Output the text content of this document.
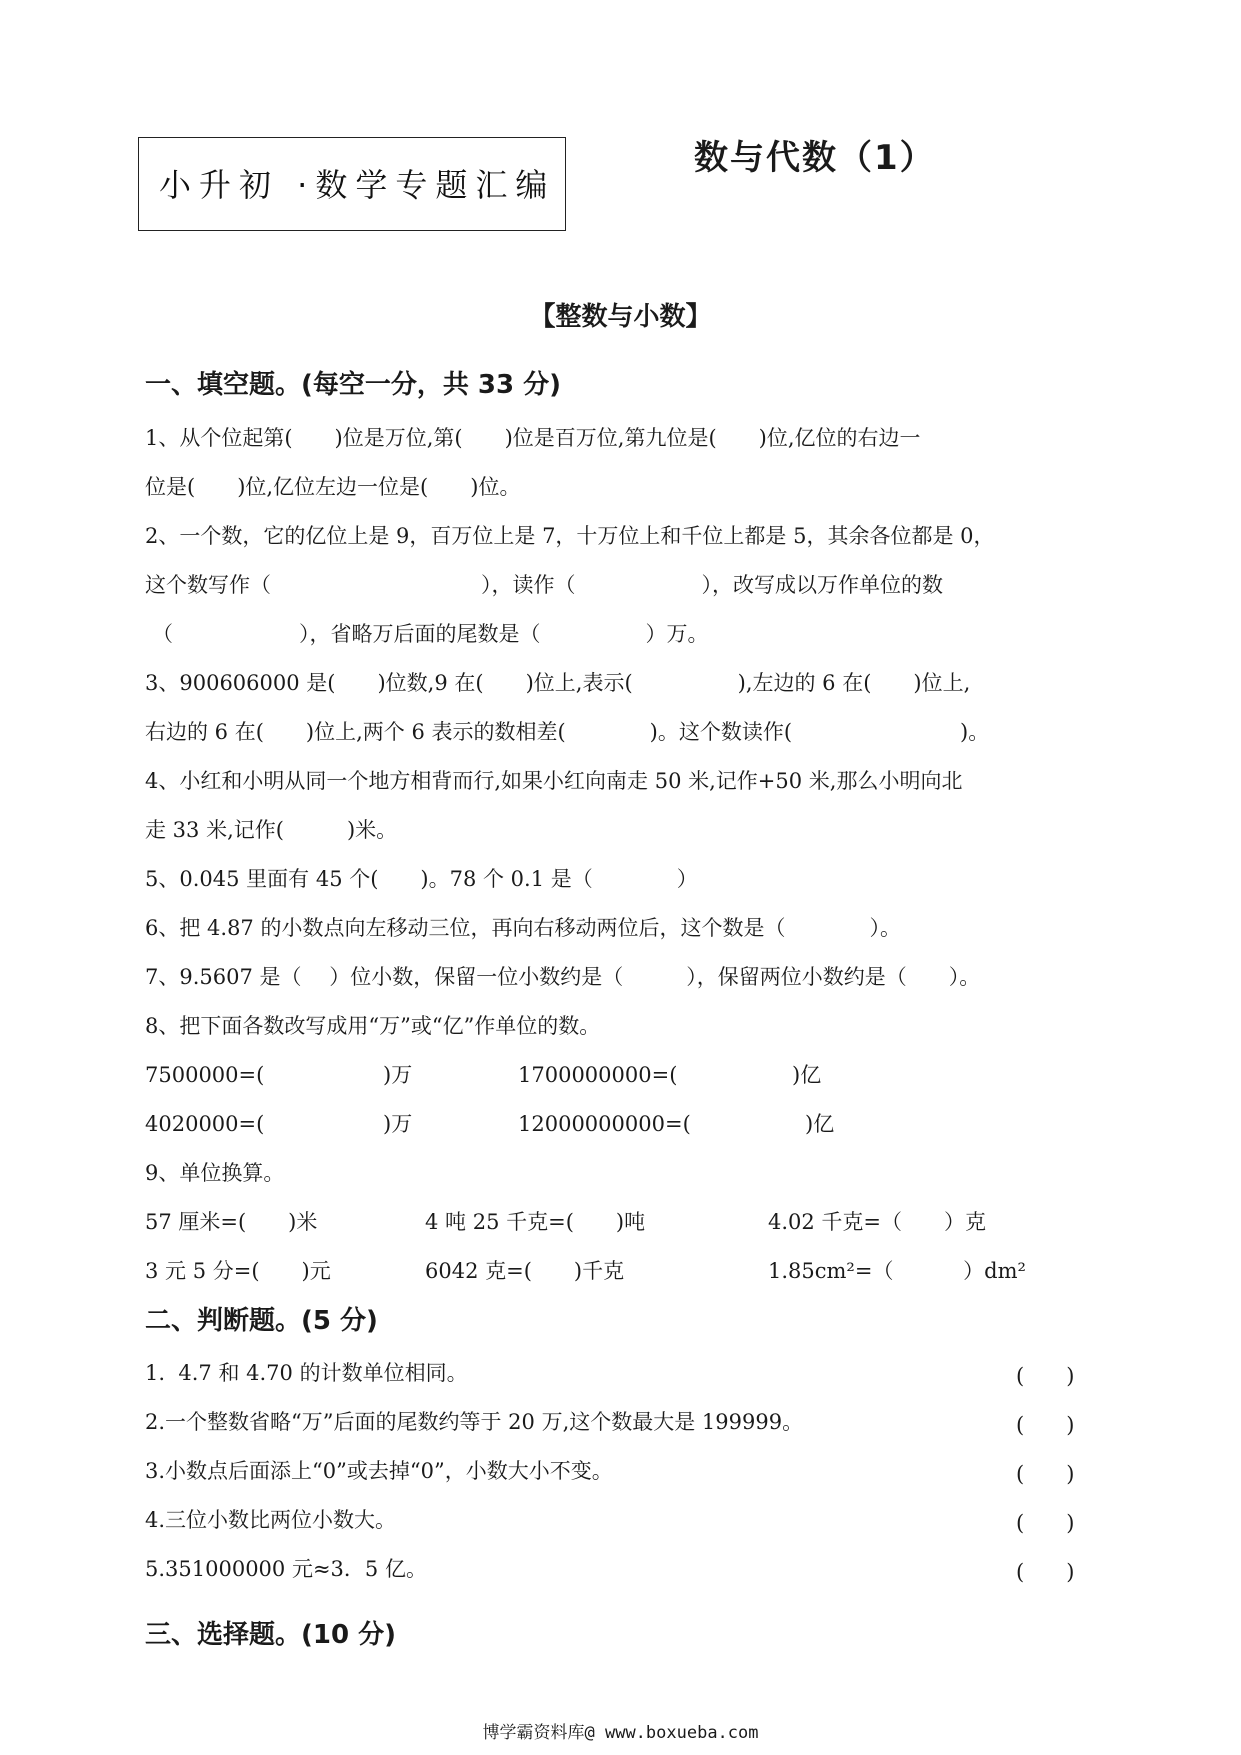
小升初 ·数学专题汇编
数与代数（1）
【整数与小数】
一、填空题。(每空一分，共 33 分)
1、从个位起第(　　)位是万位,第(　　)位是百万位,第九位是(　　)位,亿位的右边一
位是(　　)位,亿位左边一位是(　　)位。
2、一个数，它的亿位上是 9，百万位上是 7，十万位上和千位上都是 5，其余各位都是 0，
这个数写作（　　　　　　　　　　），读作（　　　　　　），改写成以万作单位的数
（　　　　　　），省略万后面的尾数是（　　　　　）万。
3、900606000 是(　　)位数,9 在(　　)位上,表示(　　　　　),左边的 6 在(　　)位上,
右边的 6 在(　　)位上,两个 6 表示的数相差(　　　　)。这个数读作(　　　　　　　　)。
4、小红和小明从同一个地方相背而行,如果小红向南走 50 米,记作+50 米,那么小明向北
走 33 米,记作(　　　)米。
5、0.045 里面有 45 个(　　)。78 个 0.1 是（　　　　）
6、把 4.87 的小数点向左移动三位，再向右移动两位后，这个数是（　　　　）。
7、9.5607 是（　 ）位小数，保留一位小数约是（　　　），保留两位小数约是（　　）。
8、把下面各数改写成用“万”或“亿”作单位的数。
7500000=(	)万	1700000000=(	)亿
4020000=(	)万	12000000000=(	)亿
9、单位换算。
57 厘米=(　　)米	4 吨 25 千克=(　　)吨	4.02 千克=（　　）克
3 元 5 分=(　　)元	6042 克=(　　)千克	1.85cm²=（　　　 ）dm²
二、判断题。(5 分)
1.  4.7 和 4.70 的计数单位相同。	(　　)
2.一个整数省略“万”后面的尾数约等于 20 万,这个数最大是 199999。	(　　)
3.小数点后面添上“0”或去掉“0”，小数大小不变。	(　　)
4.三位小数比两位小数大。	(　　)
5.351000000 元≈3．5 亿。	(　　)
三、选择题。(10 分)
博学霸资料库@ www.boxueba.com
